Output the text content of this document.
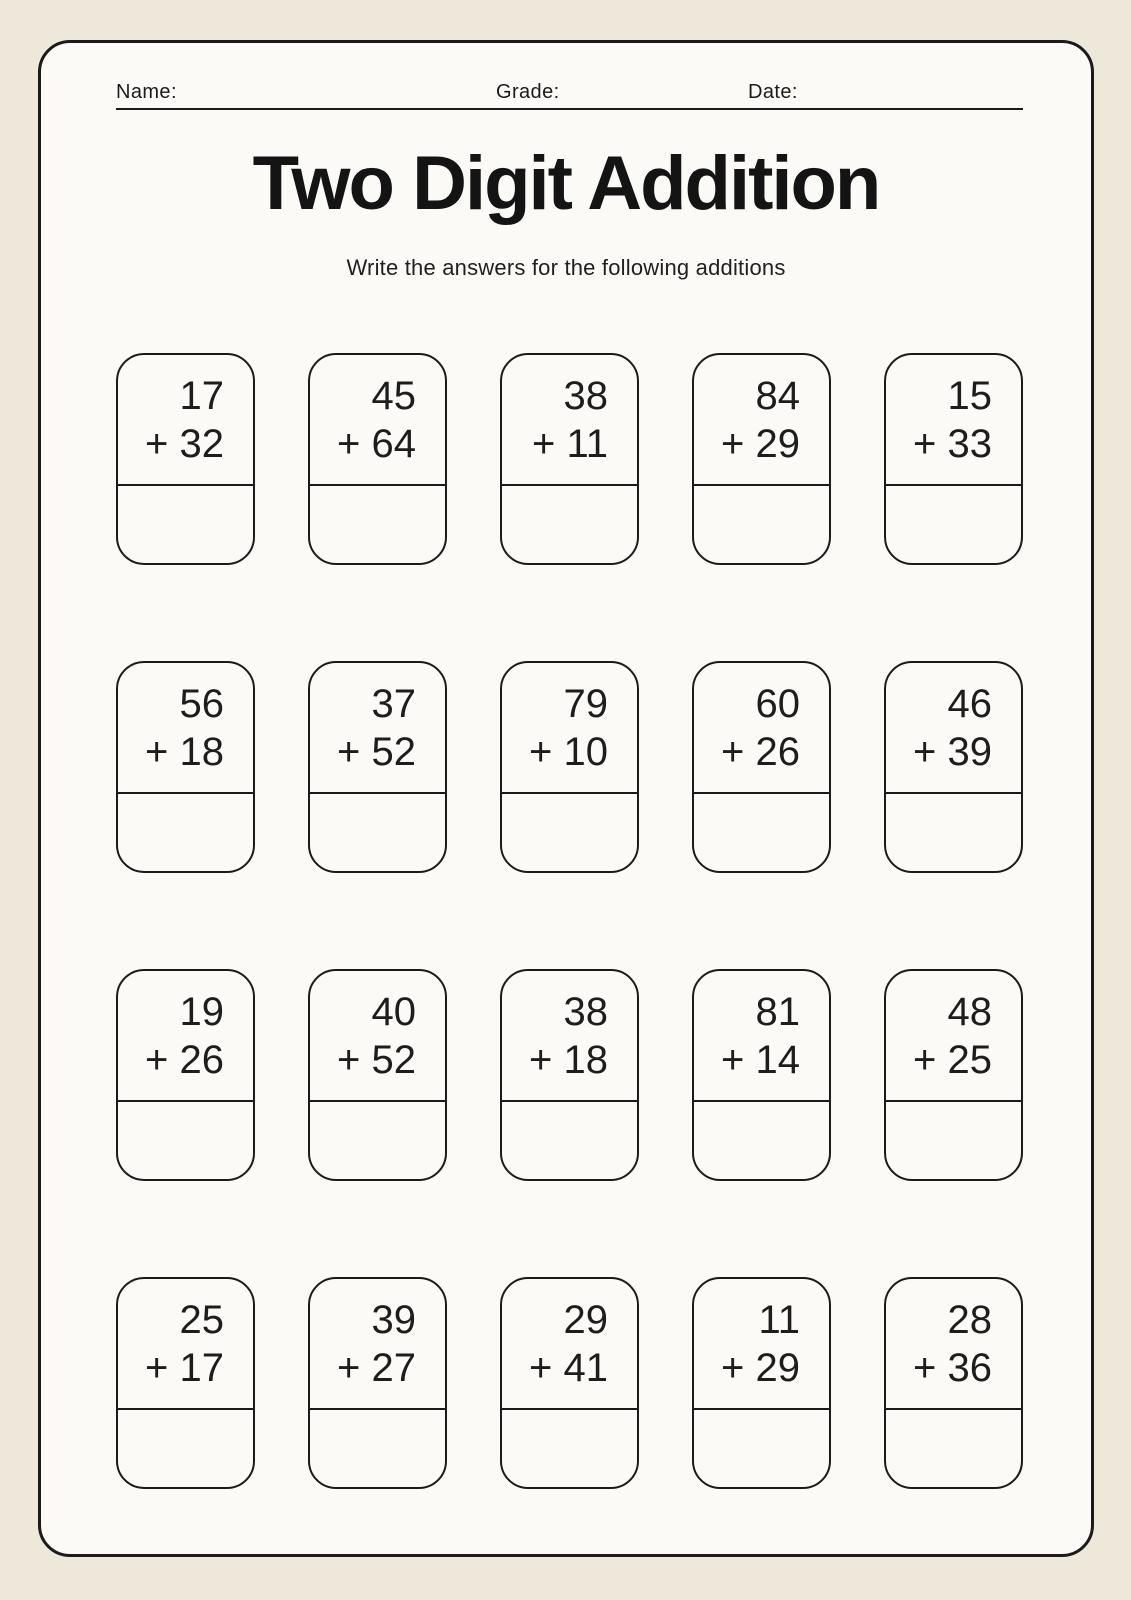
Name:	Grade:	Date:
Two Digit Addition

Write the answers for the following additions

17
+ 32
45
+ 64
38
+ 11
84
+ 29
15
+ 33
56
+ 18
37
+ 52
79
+ 10
60
+ 26
46
+ 39
19
+ 26
40
+ 52
38
+ 18
81
+ 14
48
+ 25
25
+ 17
39
+ 27
29
+ 41
11
+ 29
28
+ 36
